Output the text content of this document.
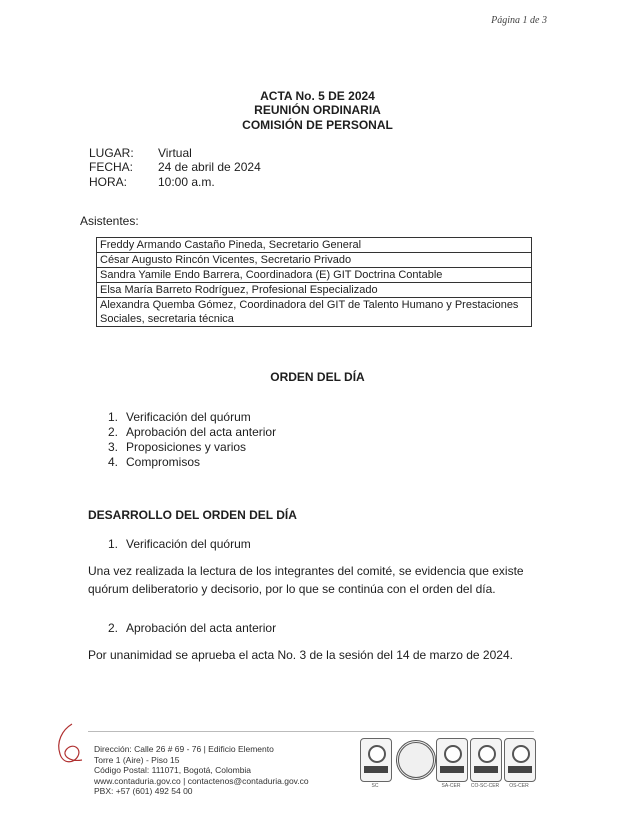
Página 1 de 3
ACTA No. 5 DE 2024
REUNIÓN ORDINARIA
COMISIÓN DE PERSONAL
LUGAR: Virtual
FECHA: 24 de abril de 2024
HORA:	10:00 a.m.
Asistentes:
Freddy Armando Castaño Pineda, Secretario General
César Augusto Rincón Vicentes, Secretario Privado
Sandra Yamile Endo Barrera, Coordinadora (E) GIT Doctrina Contable
Elsa María Barreto Rodríguez, Profesional Especializado
Alexandra Quemba Gómez, Coordinadora del GIT de Talento Humano y Prestaciones Sociales, secretaria técnica
ORDEN DEL DÍA
1. Verificación del quórum
2. Aprobación del acta anterior
3. Proposiciones y varios
4. Compromisos
DESARROLLO DEL ORDEN DEL DÍA
1. Verificación del quórum
Una vez realizada la lectura de los integrantes del comité, se evidencia que existe quórum deliberatorio y decisorio, por lo que se continúa con el orden del día.
2. Aprobación del acta anterior
Por unanimidad se aprueba el acta No. 3 de la sesión del 14 de marzo de 2024.
Dirección: Calle 26 # 69 - 76 | Edificio Elemento
Torre 1 (Aire) - Piso 15
Código Postal: 111071, Bogotá, Colombia
www.contaduria.gov.co | contactenos@contaduria.gov.co
PBX: +57 (601) 492 54 00	SC	SA-CER	CO-SC-CER	OS-CER
